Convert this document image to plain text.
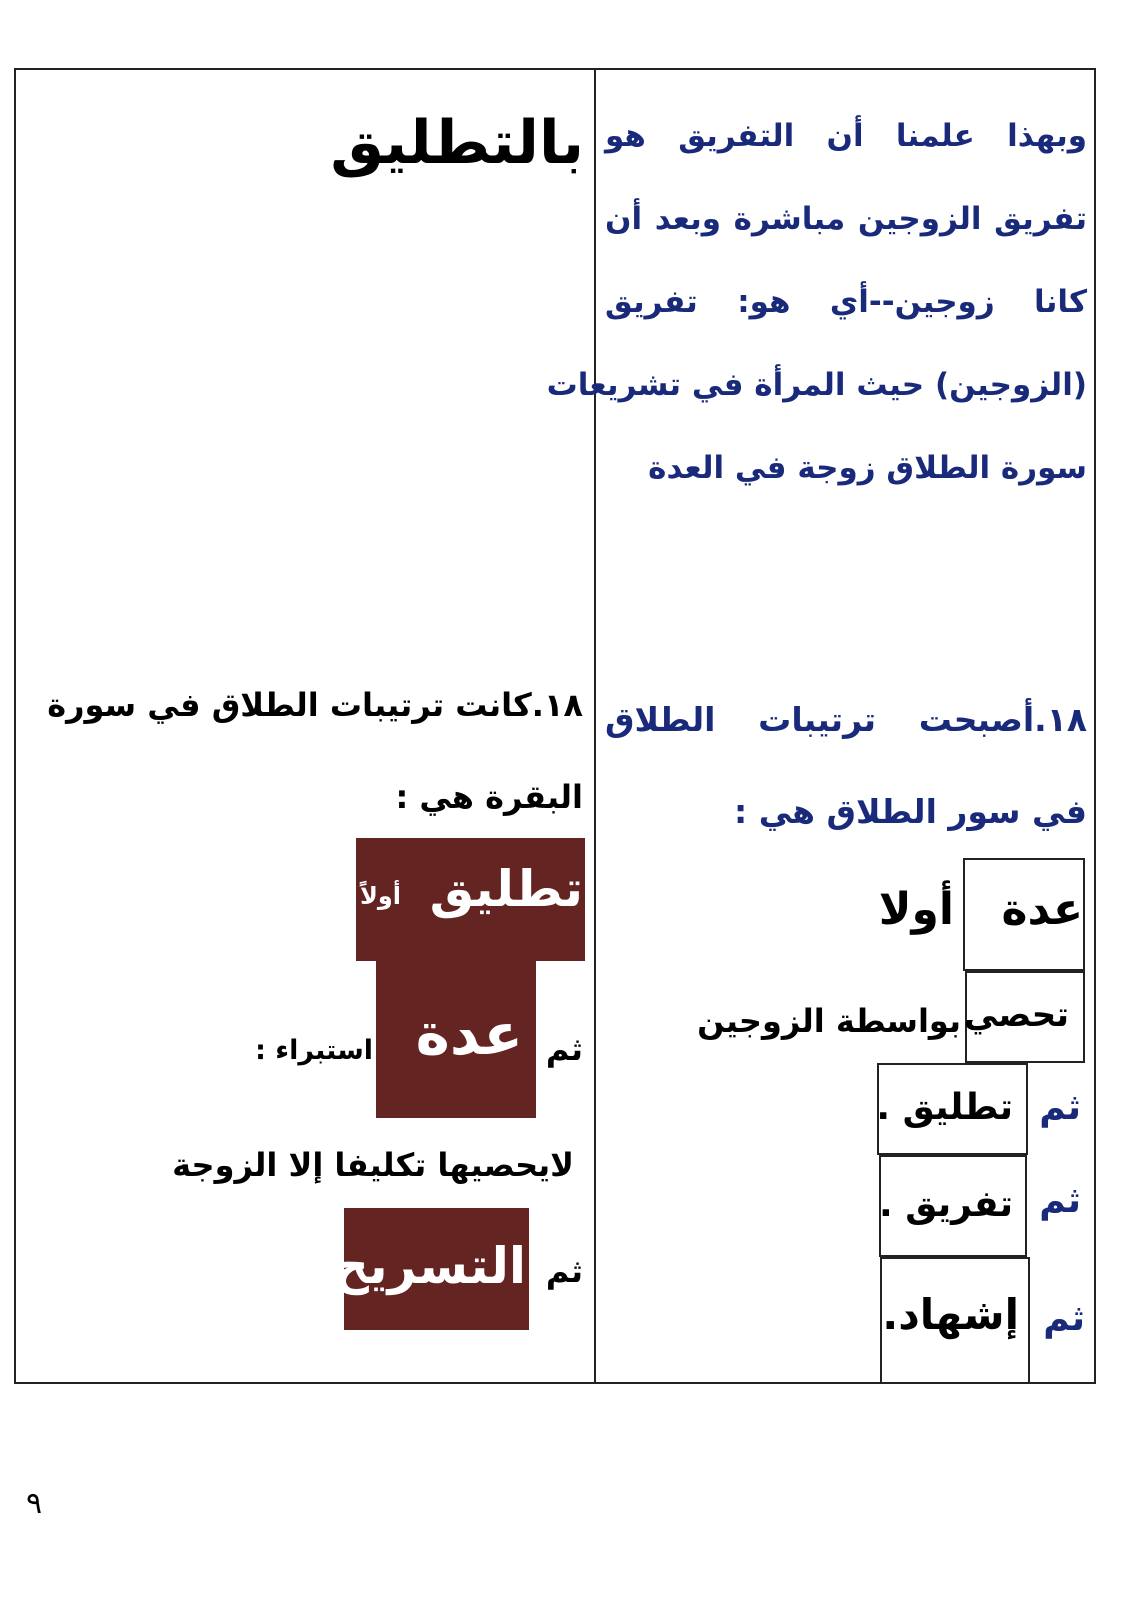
وبهذا علمنا أن التفريق هو
تفريق الزوجين مباشرة وبعد أن
كانا زوجين--أي هو: تفريق
(الزوجين) حيث المرأة في تشريعات
سورة الطلاق زوجة في العدة
١٨.أصبحت ترتيبات الطلاق
في سور الطلاق هي :
عدة
أولا
تحصي
بواسطة الزوجين
ثم
تطليق .
ثم
تفريق .
ثم
إشهاد.
بالتطليق
١٨.كانت ترتيبات الطلاق في سورة
البقرة هي :
تطليق
أولاً
عدة ثم
استبراء :
لايحصيها تكليفا إلا الزوجة
التسريح ثم
٩
